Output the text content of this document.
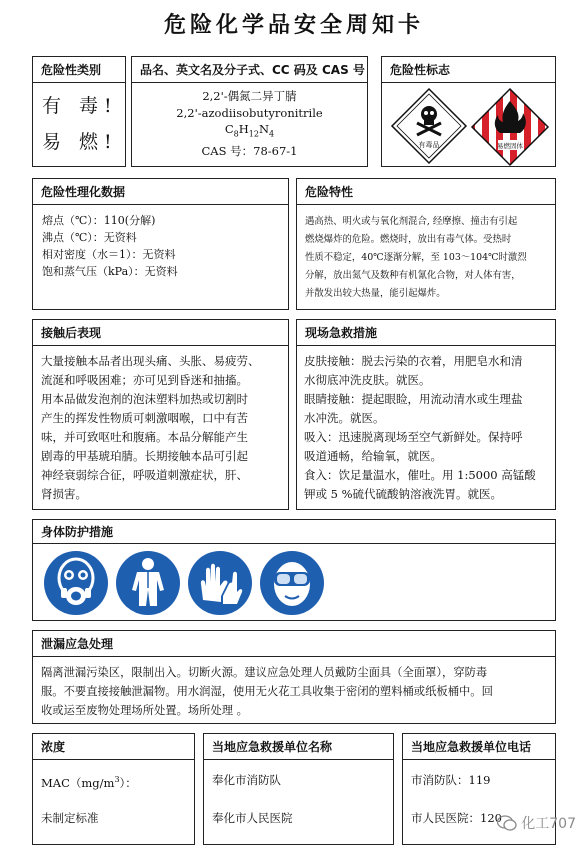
危险化学品安全周知卡
危险性类别
有 毒!
易 燃!
品名、英文名及分子式、CC 码及 CAS 号
2,2'-偶氮二异丁腈
2,2'-azodiisobutyronitrile
$C_8H_{12}N_4$
CAS 号：78-67-1
危险性标志
有毒品	易燃固体
危险性理化数据
熔点（℃）：110(分解)
沸点（℃）：无资料
相对密度（水＝1）：无资料
饱和蒸气压（kPa）：无资料
危险特性
遇高热、明火或与氧化剂混合, 经摩擦、撞击有引起
燃烧爆炸的危险。燃烧时，放出有毒气体。受热时
性质不稳定，40℃逐渐分解，至 103～104℃时激烈
分解，放出氮气及数种有机氰化合物，对人体有害，
并散发出较大热量，能引起爆炸。
接触后表现
大量接触本品者出现头痛、头胀、易疲劳、
流涎和呼吸困难；亦可见到昏迷和抽搐。
用本品做发泡剂的泡沫塑料加热或切割时
产生的挥发性物质可刺激咽喉，口中有苦
味，并可致呕吐和腹痛。本品分解能产生
剧毒的甲基琥珀腈。长期接触本品可引起
神经衰弱综合征，呼吸道刺激症状，肝、
肾损害。
现场急救措施
皮肤接触：脱去污染的衣着，用肥皂水和清
水彻底冲洗皮肤。就医。
眼睛接触：提起眼睑，用流动清水或生理盐
水冲洗。就医。
吸入：迅速脱离现场至空气新鲜处。保持呼
吸道通畅，给输氧，就医。
食入：饮足量温水，催吐。用 1:5000 高锰酸
钾或 5 %硫代硫酸钠溶液洗胃。就医。
身体防护措施
泄漏应急处理
隔离泄漏污染区，限制出入。切断火源。建议应急处理人员戴防尘面具（全面罩），穿防毒
服。不要直接接触泄漏物。用水润湿，使用无火花工具收集于密闭的塑料桶或纸板桶中。回
收或运至废物处理场所处置。场所处理 。
浓度
$MAC(mg/m^3)$：
未制定标准
当地应急救援单位名称
奉化市消防队
奉化市人民医院
当地应急救援单位电话
市消防队：119
市人民医院：120 化工707
